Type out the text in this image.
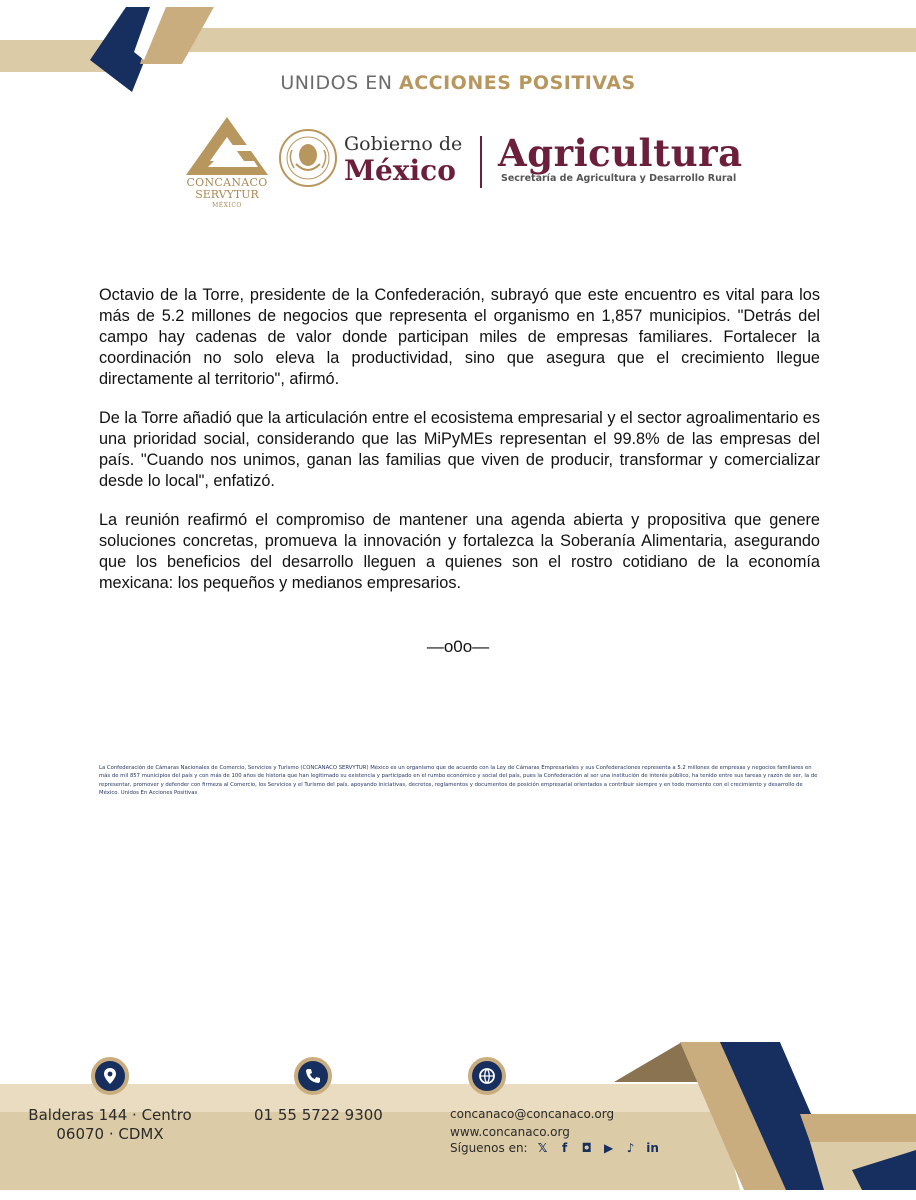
UNIDOS EN ACCIONES POSITIVAS
CONCANACO
SERVYTUR
MÉXICO
Gobierno de
México	Agricultura
Secretaría de Agricultura y Desarrollo Rural

Octavio de la Torre, presidente de la Confederación, subrayó que este encuentro es vital para los más de 5.2 millones de negocios que representa el organismo en 1,857 municipios. "Detrás del campo hay cadenas de valor donde participan miles de empresas familiares. Fortalecer la coordinación no solo eleva la productividad, sino que asegura que el crecimiento llegue directamente al territorio", afirmó.

De la Torre añadió que la articulación entre el ecosistema empresarial y el sector agroalimentario es una prioridad social, considerando que las MiPyMEs representan el 99.8% de las empresas del país. "Cuando nos unimos, ganan las familias que viven de producir, transformar y comercializar desde lo local", enfatizó.

La reunión reafirmó el compromiso de mantener una agenda abierta y propositiva que genere soluciones concretas, promueva la innovación y fortalezca la Soberanía Alimentaria, asegurando que los beneficios del desarrollo lleguen a quienes son el rostro cotidiano de la economía mexicana: los pequeños y medianos empresarios.

—o0o—
La Confederación de Cámaras Nacionales de Comercio, Servicios y Turismo (CONCANACO SERVYTUR) México es un organismo que de acuerdo con la Ley de Cámaras Empresariales y sus Confederaciones representa a 5.2 millones de empresas y negocios familiares en más de mil 857 municipios del país y con más de 100 años de historia que han legitimado su existencia y participado en el rumbo económico y social del país, pues la Confederación al ser una institución de interés público, ha tenido entre sus tareas y razón de ser, la de representar, promover y defender con firmeza al Comercio, los Servicios y el Turismo del país, apoyando iniciativas, decretos, reglamentos y documentos de posición empresarial orientados a contribuir siempre y en todo momento con el crecimiento y desarrollo de México. Unidos En Acciones Positivas
Balderas 144 · Centro
06070 · CDMX
01 55 5722 9300	concanaco@concanaco.org
www.concanaco.org
Síguenos en: 𝕏	f	◘ ▶ ♪ in
